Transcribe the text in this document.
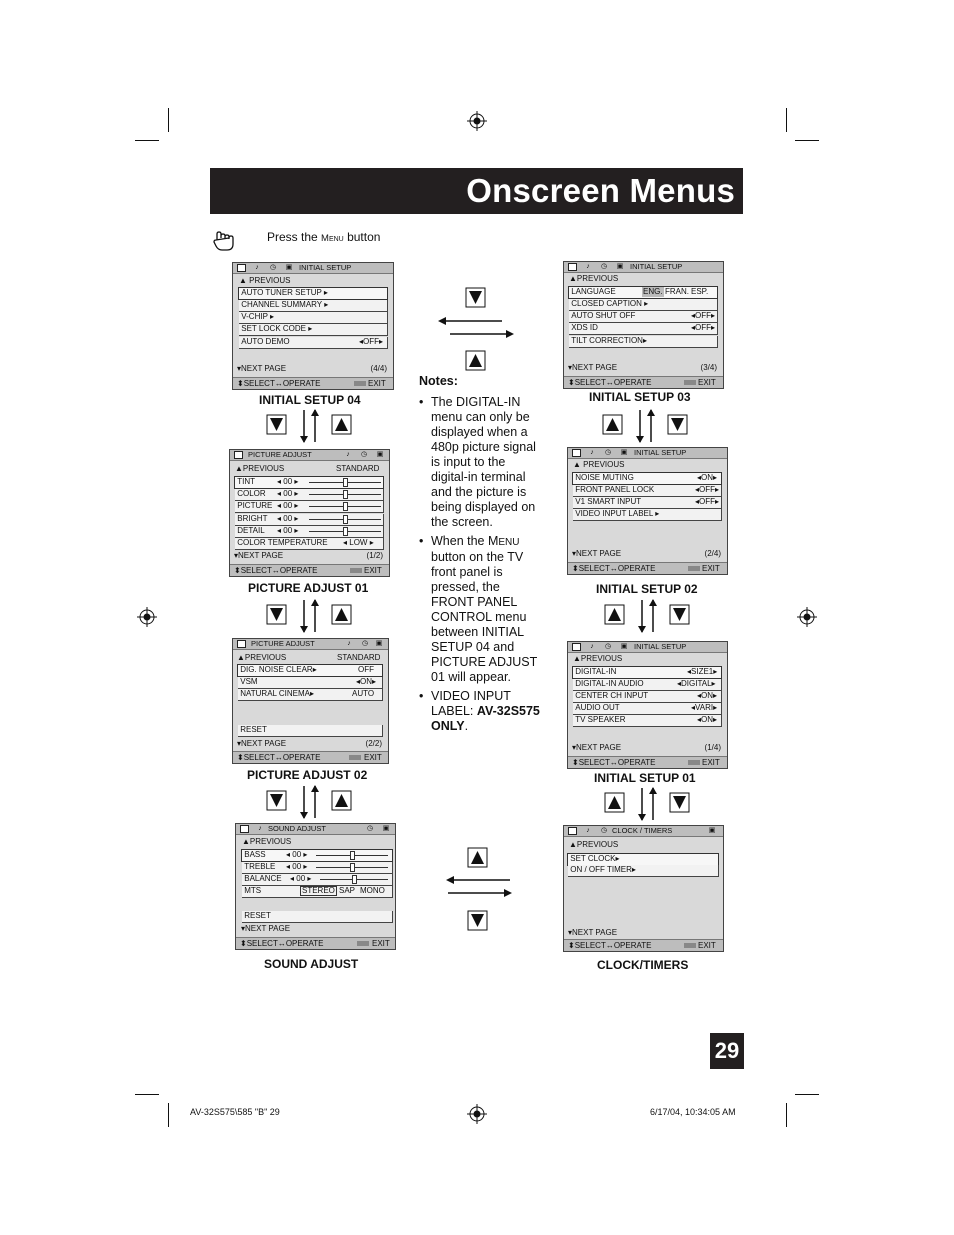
Onscreen Menus
Press the Menu button
♪	◷ ▣ INITIAL SETUP
▲ PREVIOUS
AUTO TUNER SETUP ▸
CHANNEL SUMMARY ▸
V-CHIP ▸
SET LOCK CODE ▸
AUTO DEMO	◂OFF▸
▾NEXT PAGE	(4/4)
⬍SELECT↔OPERATE	EXIT
INITIAL SETUP 04
PICTURE ADJUST	♪	◷ ▣
▲PREVIOUS	STANDARD
TINT	◂ 00 ▸
COLOR ◂ 00 ▸
PICTURE ◂ 00 ▸
BRIGHT ◂ 00 ▸
DETAIL ◂ 00 ▸
COLOR TEMPERATURE ◂ LOW ▸
▾NEXT PAGE	(1/2)
⬍SELECT↔OPERATE	EXIT
PICTURE ADJUST 01
PICTURE ADJUST	♪	◷ ▣
▲PREVIOUS	STANDARD
DIG. NOISE CLEAR▸	OFF
VSM	◂ON▸
NATURAL CINEMA▸	AUTO
RESET
▾NEXT PAGE	(2/2)
⬍SELECT↔OPERATE	EXIT
PICTURE ADJUST 02
♪ SOUND ADJUST	◷ ▣
▲PREVIOUS
BASS	◂ 00 ▸
TREBLE ◂ 00 ▸
BALANCE ◂ 00 ▸
MTS	STEREO SAP MONO
RESET
▾NEXT PAGE
⬍SELECT↔OPERATE	EXIT
SOUND ADJUST
Notes:
• The DIGITAL-IN menu can only be displayed when a 480p picture signal is input to the digital-in terminal and the picture is being displayed on the screen.
• When the MENU button on the TV front panel is pressed, the FRONT PANEL CONTROL menu between INITIAL SETUP 04 and PICTURE ADJUST 01 will appear.
• VIDEO INPUT LABEL: AV-32S575 ONLY.
♪	◷ ▣ INITIAL SETUP
▲PREVIOUS
LANGUAGE	ENG. FRAN. ESP.
CLOSED CAPTION ▸
AUTO SHUT OFF	◂OFF▸
XDS ID	◂OFF▸
TILT CORRECTION▸
▾NEXT PAGE	(3/4)
⬍SELECT↔OPERATE	EXIT
INITIAL SETUP 03
♪	◷ ▣ INITIAL SETUP
▲ PREVIOUS
NOISE MUTING	◂ON▸
FRONT PANEL LOCK	◂OFF▸
V1 SMART INPUT	◂OFF▸
VIDEO INPUT LABEL ▸
▾NEXT PAGE	(2/4)
⬍SELECT↔OPERATE	EXIT
INITIAL SETUP 02
♪	◷ ▣ INITIAL SETUP
▲PREVIOUS
DIGITAL-IN	◂SIZE1▸
DIGITAL-IN AUDIO	◂DIGITAL▸
CENTER CH INPUT	◂ON▸
AUDIO OUT	◂VARI▸
TV SPEAKER	◂ON▸
▾NEXT PAGE	(1/4)
⬍SELECT↔OPERATE	EXIT
INITIAL SETUP 01
♪	◷ CLOCK / TIMERS	▣
▲PREVIOUS
SET CLOCK▸
ON / OFF TIMER▸
▾NEXT PAGE
⬍SELECT↔OPERATE	EXIT
CLOCK/TIMERS
29
AV-32S575\585 "B" 29	6/17/04, 10:34:05 AM
